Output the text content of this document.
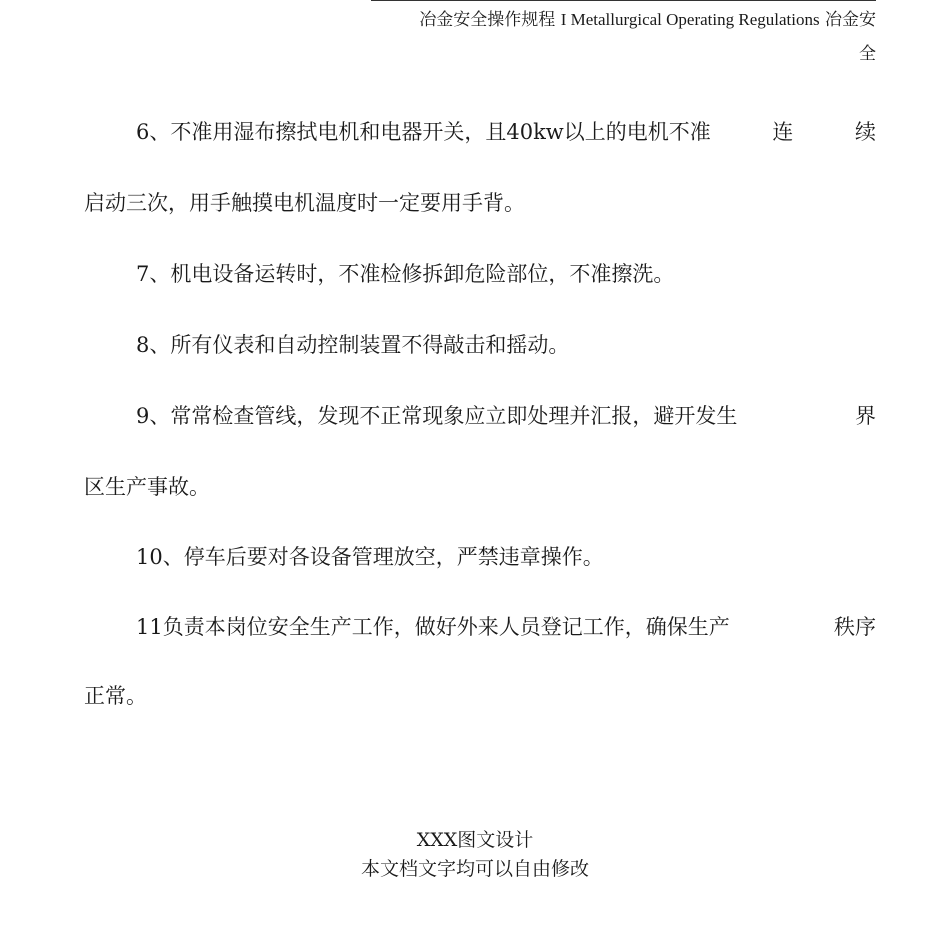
冶金安全操作规程 I Metallurgical Operating Regulations 冶金安
全
6、不准用湿布擦拭电机和电器开关，且40kw以上的电机不准	连	续
启动三次，用手触摸电机温度时一定要用手背。
7、机电设备运转时，不准检修拆卸危险部位，不准擦洗。
8、所有仪表和自动控制装置不得敲击和摇动。
9、常常检查管线，发现不正常现象应立即处理并汇报，避开发生	界
区生产事故。
10、停车后要对各设备管理放空，严禁违章操作。
11负责本岗位安全生产工作，做好外来人员登记工作，确保生产	秩序
正常。
XXX图文设计
本文档文字均可以自由修改
